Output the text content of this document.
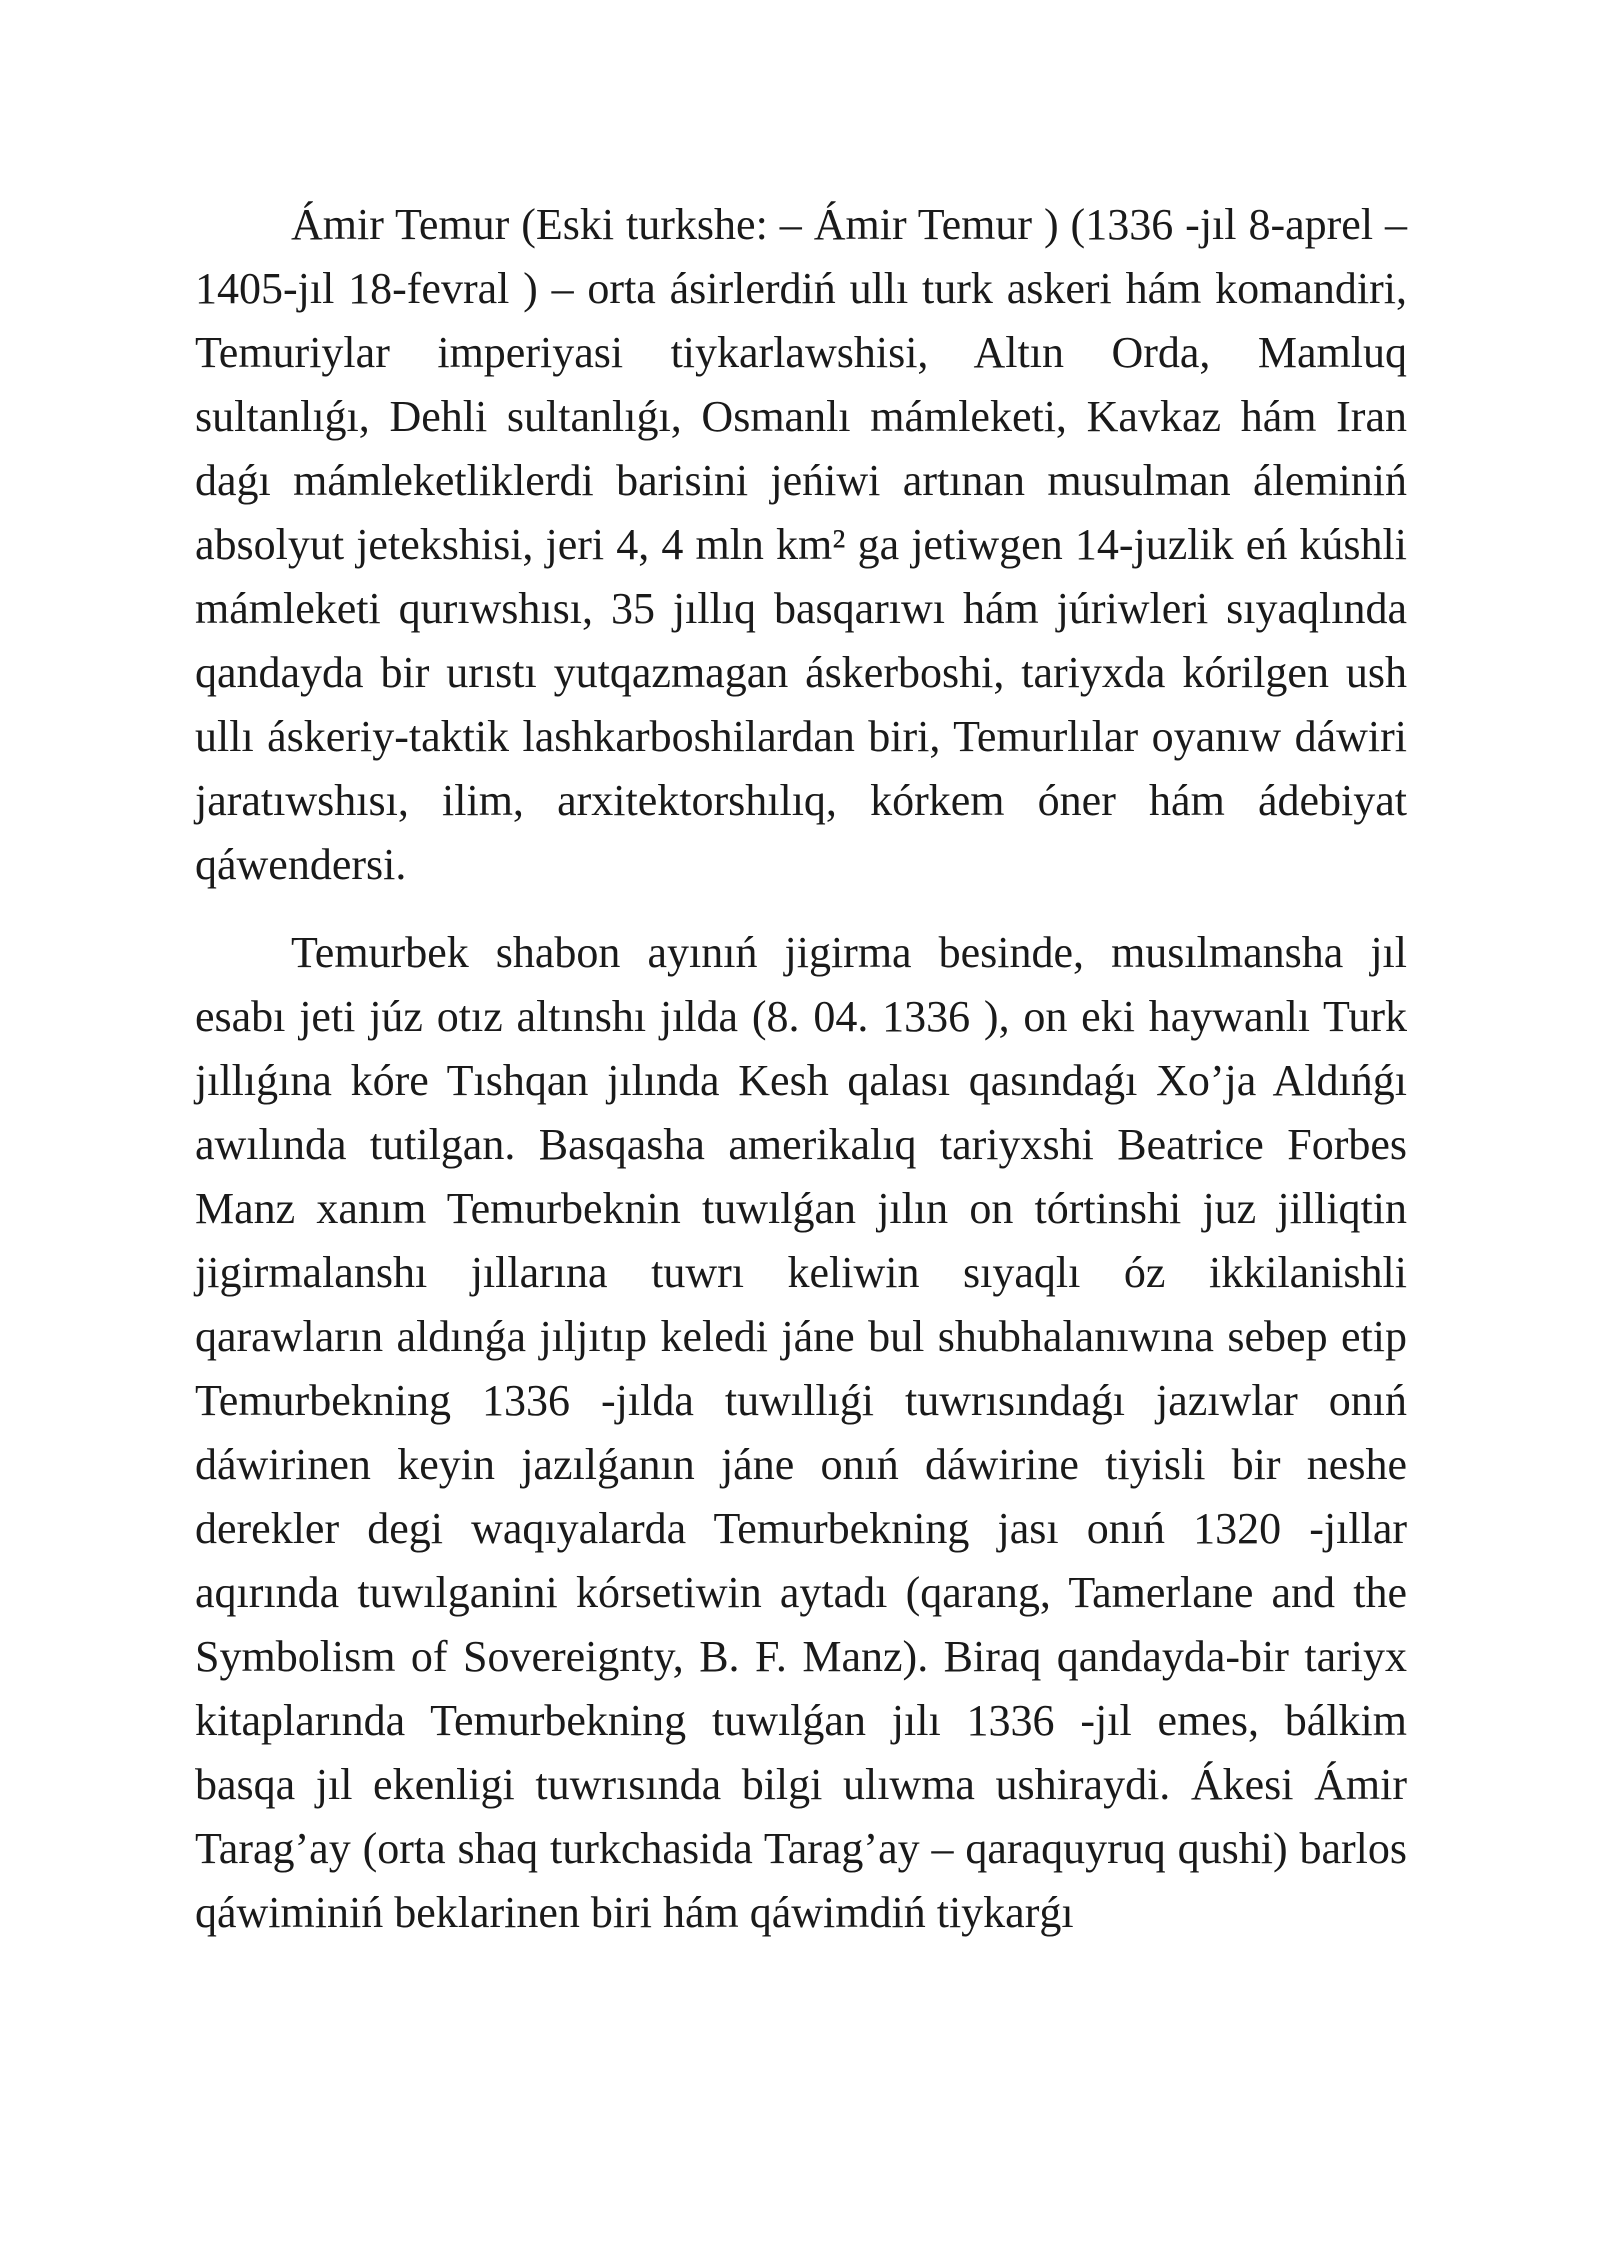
Ámir Temur (Eski turkshe: – Ámir Temur ) (1336 -jıl 8-aprel – 1405-jıl 18-fevral ) – orta ásirlerdiń ullı turk askeri hám komandiri, Temuriylar imperiyasi tiykarlawshisi, Altın Orda, Mamluq sultanlıǵı, Dehli sultanlıǵı, Osmanlı mámleketi, Kavkaz hám Iran daǵı mámleketliklerdi barisini jeńiwi artınan musulman áleminiń absolyut jetekshisi, jeri 4, 4 mln km² ga jetiwgen 14-juzlik eń kúshli mámleketi qurıwshısı, 35 jıllıq basqarıwı hám júriwleri sıyaqlında qandayda bir urıstı yutqazmagan áskerboshi, tariyxda kórilgen ush ullı áskeriy-taktik lashkarboshilardan biri, Temurlılar oyanıw dáwiri jaratıwshısı, ilim, arxitektorshılıq, kórkem óner hám ádebiyat qáwendersi.

Temurbek shabon ayınıń jigirma besinde, musılmansha jıl esabı jeti júz otız altınshı jılda (8. 04. 1336 ), on eki haywanlı Turk jıllıǵına kóre Tıshqan jılında Kesh qalası qasındaǵı Xo’ja Aldıńǵı awılında tutilgan. Basqasha amerikalıq tariyxshi Beatrice Forbes Manz xanım Temurbeknin tuwılǵan jılın on tórtinshi juz jilliqtin jigirmalanshı jıllarına tuwrı keliwin sıyaqlı óz ikkilanishli qarawların aldınǵa jıljıtıp keledi jáne bul shubhalanıwına sebep etip Temurbekning 1336 -jılda tuwıllıǵi tuwrısındaǵı jazıwlar onıń dáwirinen keyin jazılǵanın jáne onıń dáwirine tiyisli bir neshe derekler degi waqıyalarda Temurbekning jası onıń 1320 -jıllar aqırında tuwılganini kórsetiwin aytadı (qarang, Tamerlane and the Symbolism of Sovereignty, B. F. Manz). Biraq qandayda-bir tariyx kitaplarında Temurbekning tuwılǵan jılı 1336 -jıl emes, bálkim basqa jıl ekenligi tuwrısında bilgi ulıwma ushiraydi. Ákesi Ámir Tarag’ay (orta shaq turkchasida Tarag’ay – qaraquyruq qushi) barlos qáwiminiń beklarinen biri hám qáwimdiń tiykarǵı
